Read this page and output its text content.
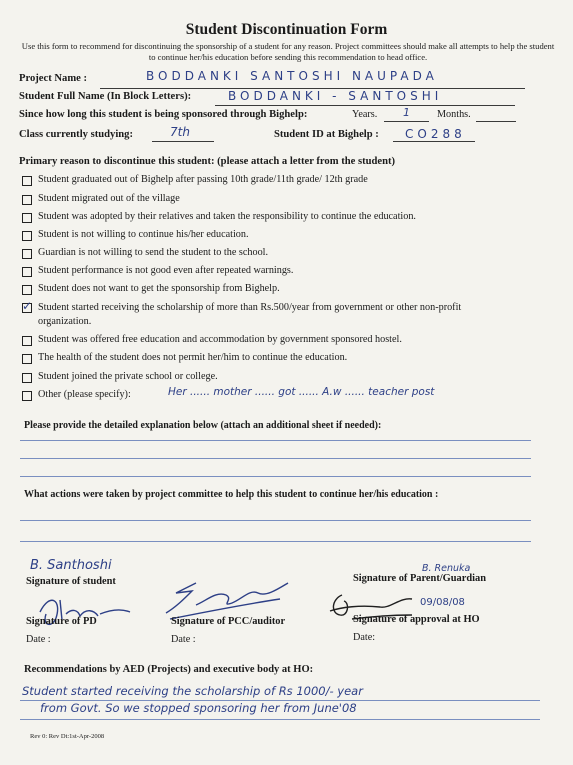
Student Discontinuation Form
Use this form to recommend for discontinuing the sponsorship of a student for any reason. Project committees should make all attempts to help the student to continue her/his education before sending this recommendation to head office.
Project Name :	BODDANKI SANTOSHI NAUPADA
Student Full Name (In Block Letters):	BODDANKI - SANTOSHI
Since how long this student is being sponsored through Bighelp:	Years. 1	Months.
Class currently studying:	7th	Student ID at Bighelp : CO288
Primary reason to discontinue this student: (please attach a letter from the student)
Student graduated out of Bighelp after passing 10th grade/11th grade/ 12th grade
Student migrated out of the village
Student was adopted by their relatives and taken the responsibility to continue the education.
Student is not willing to continue his/her education.
Guardian is not willing to send the student to the school.
Student performance is not good even after repeated warnings.
Student does not want to get the sponsorship from Bighelp.
✓ Student started receiving the scholarship of more than Rs.500/year from government or other non-profit organization.
Student was offered free education and accommodation by government sponsored hostel.
The health of the student does not permit her/him to continue the education.
Student joined the private school or college.
Other (please specify):	Her ...... mother ...... got ...... A.w ...... teacher post
Please provide the detailed explanation below (attach an additional sheet if needed):
What actions were taken by project committee to help this student to continue her/his education :
B. Santhoshi
Signature of student
B. Renuka
Signature of Parent/Guardian
09/08/08
Signature of PD
Date :
Signature of PCC/auditor
Date :
Signature of approval at HO
Date:
Recommendations by AED (Projects) and executive body at HO:
Student started receiving the scholarship of Rs 1000/- year
from Govt. So we stopped sponsoring her from June'08
Rev 0: Rev Dt:1st-Apr-2008
